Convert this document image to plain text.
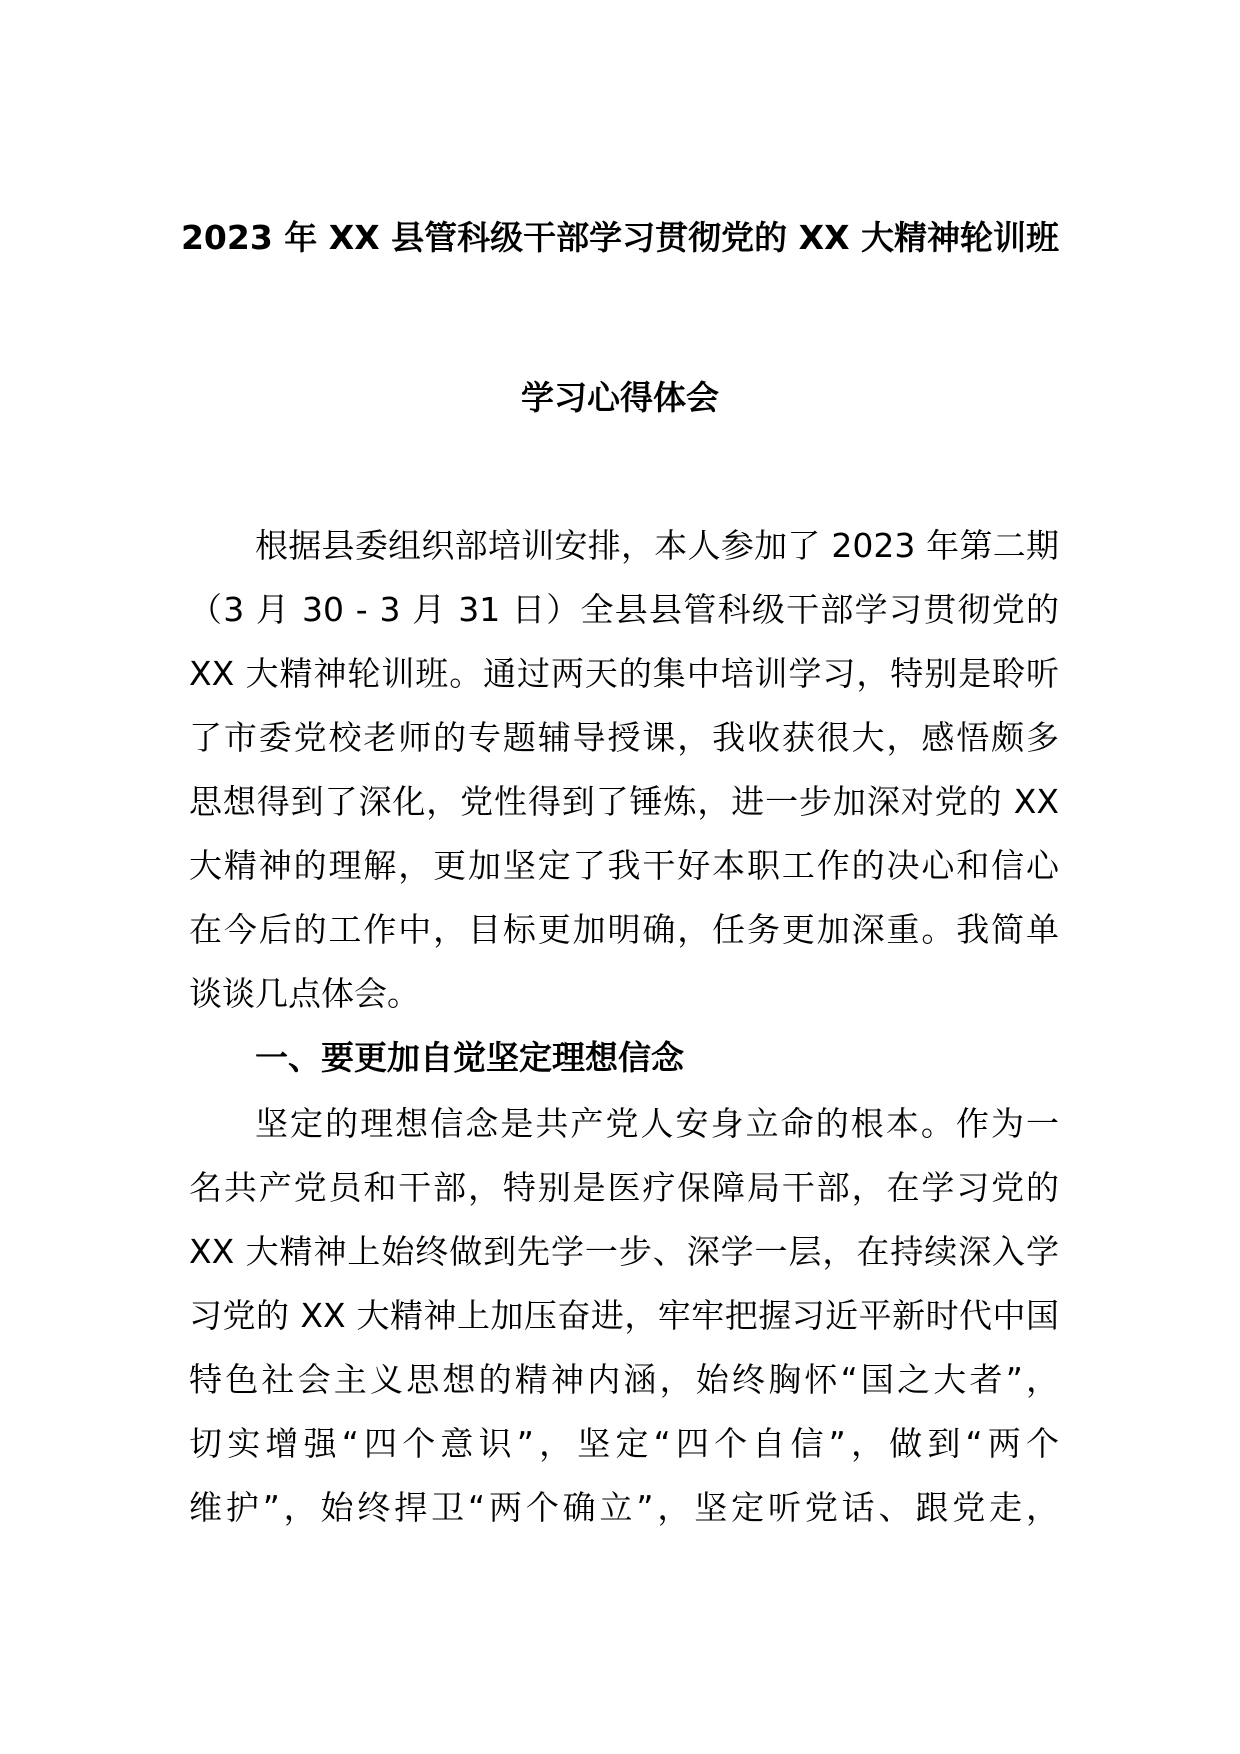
2023 年 XX 县管科级干部学习贯彻党的 XX 大精神轮训班
学习心得体会
根据县委组织部培训安排，本人参加了 2023 年第二期
（3 月 30 - 3 月 31 日）全县县管科级干部学习贯彻党的
XX 大精神轮训班。通过两天的集中培训学习，特别是聆听
了市委党校老师的专题辅导授课，我收获很大，感悟颇多
思想得到了深化，党性得到了锤炼，进一步加深对党的 XX
大精神的理解，更加坚定了我干好本职工作的决心和信心
在今后的工作中，目标更加明确，任务更加深重。我简单
谈谈几点体会。
一、要更加自觉坚定理想信念
坚定的理想信念是共产党人安身立命的根本。作为一
名共产党员和干部，特别是医疗保障局干部，在学习党的
XX 大精神上始终做到先学一步、深学一层，在持续深入学
习党的 XX 大精神上加压奋进，牢牢把握习近平新时代中国
特色社会主义思想的精神内涵，始终胸怀“国之大者”，
切实增强“四个意识”，坚定“四个自信”，做到“两个
维护”，始终捍卫“两个确立”，坚定听党话、跟党走，
